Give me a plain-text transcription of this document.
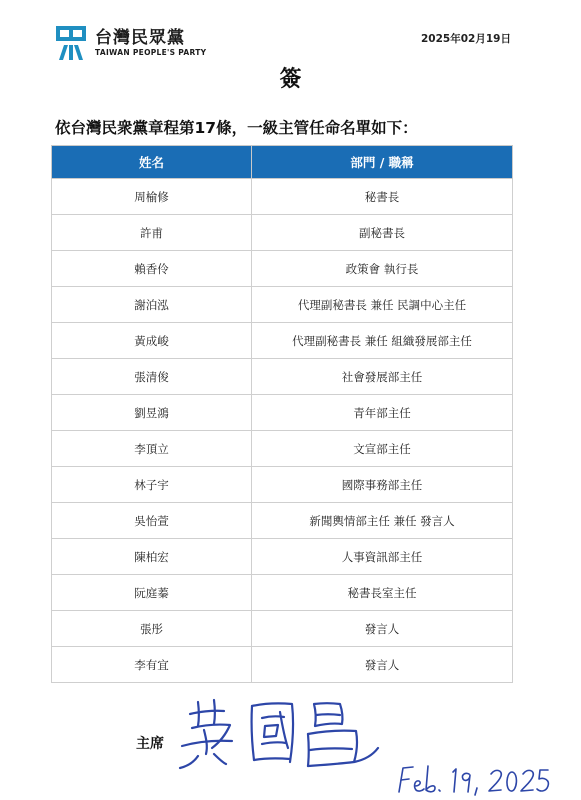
台灣民眾黨
TAIWAN PEOPLE'S PARTY
2025年02月19日
簽
依台灣民衆黨章程第17條，一級主管任命名單如下：
姓名	部門 / 職稱
周榆修	秘書長
許甫	副秘書長
賴香伶	政策會 執行長
謝泊泓	代理副秘書長 兼任 民調中心主任
黃成峻	代理副秘書長 兼任 組織發展部主任
張清俊	社會發展部主任
劉昱鴻	青年部主任
李頂立	文宣部主任
林子宇	國際事務部主任
吳怡萱	新聞輿情部主任 兼任 發言人
陳柏宏	人事資訊部主任
阮庭蓁	秘書長室主任
張彤	發言人
李有宜	發言人
主席
